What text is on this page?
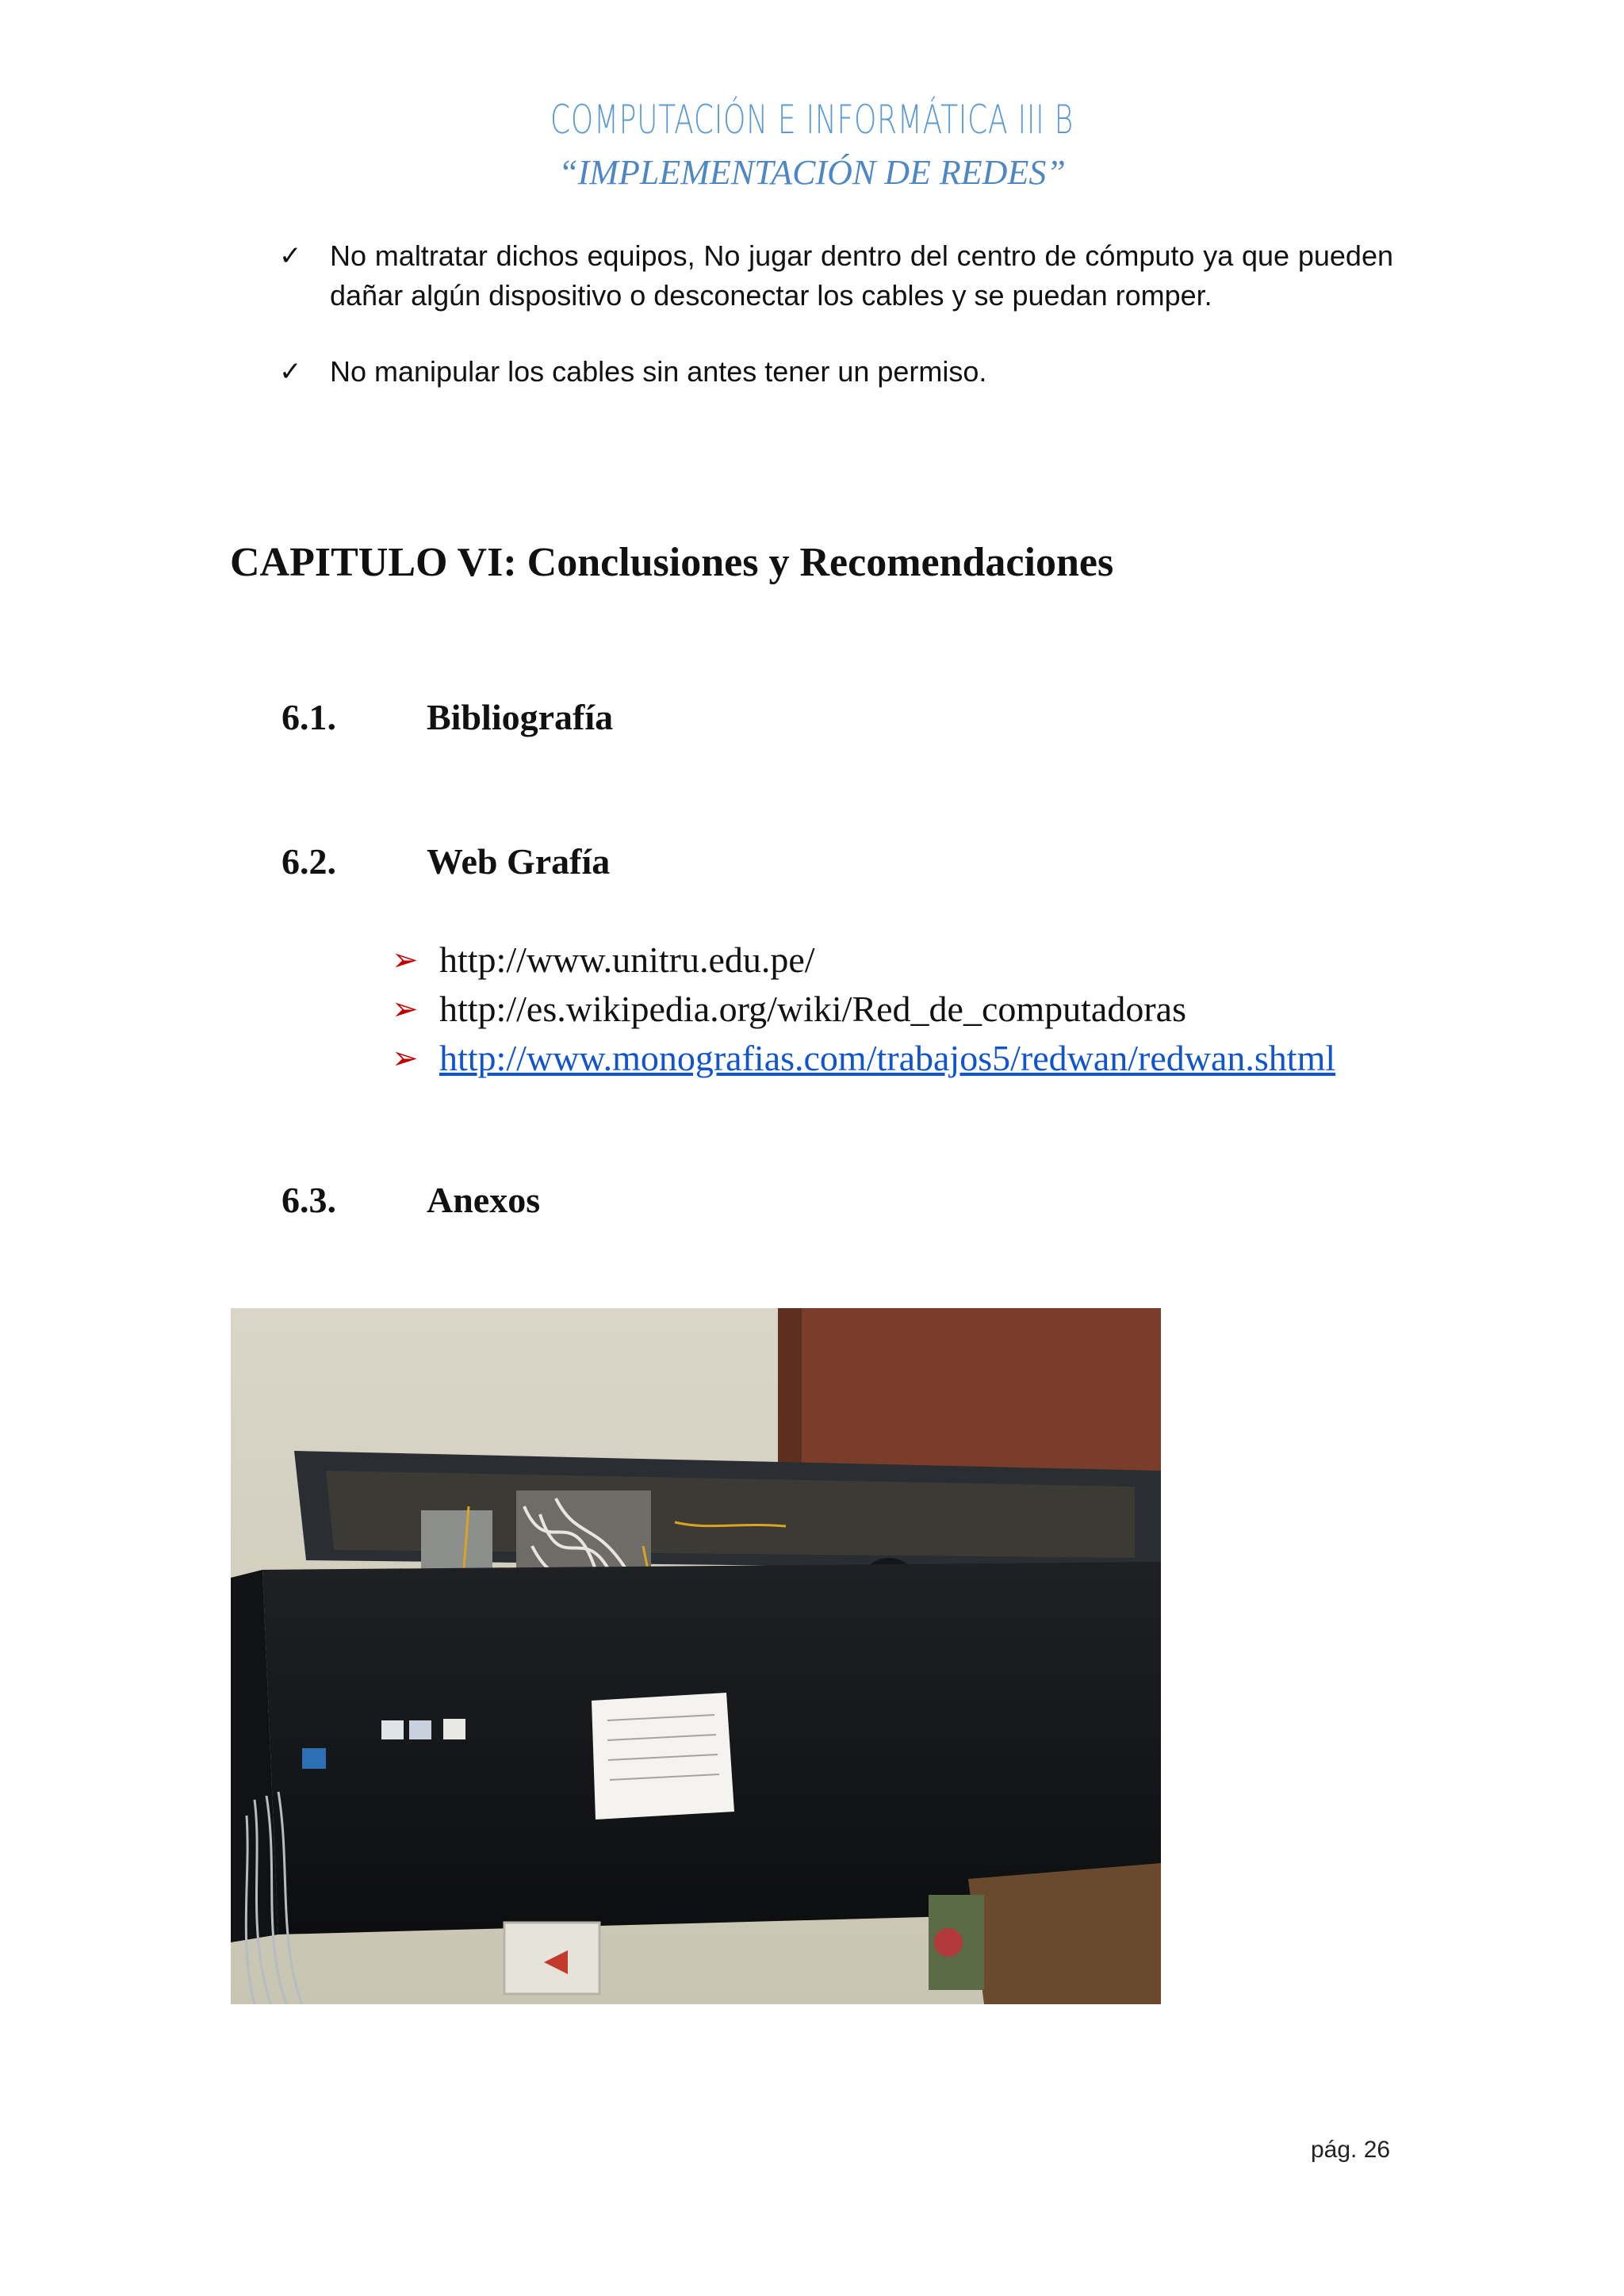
COMPUTACIÓN E INFORMÁTICA III B
“IMPLEMENTACIÓN DE REDES”
✓ No maltratar dichos equipos, No jugar dentro del centro de cómputo ya que pueden dañar algún dispositivo o desconectar los cables y se puedan romper.
✓ No manipular los cables sin antes tener un permiso.
CAPITULO VI: Conclusiones y Recomendaciones
6.1. Bibliografía
6.2. Web Grafía
➢ http://www.unitru.edu.pe/
➢ http://es.wikipedia.org/wiki/Red_de_computadoras
➢ http://www.monografias.com/trabajos5/redwan/redwan.shtml
6.3. Anexos
pág. 26
